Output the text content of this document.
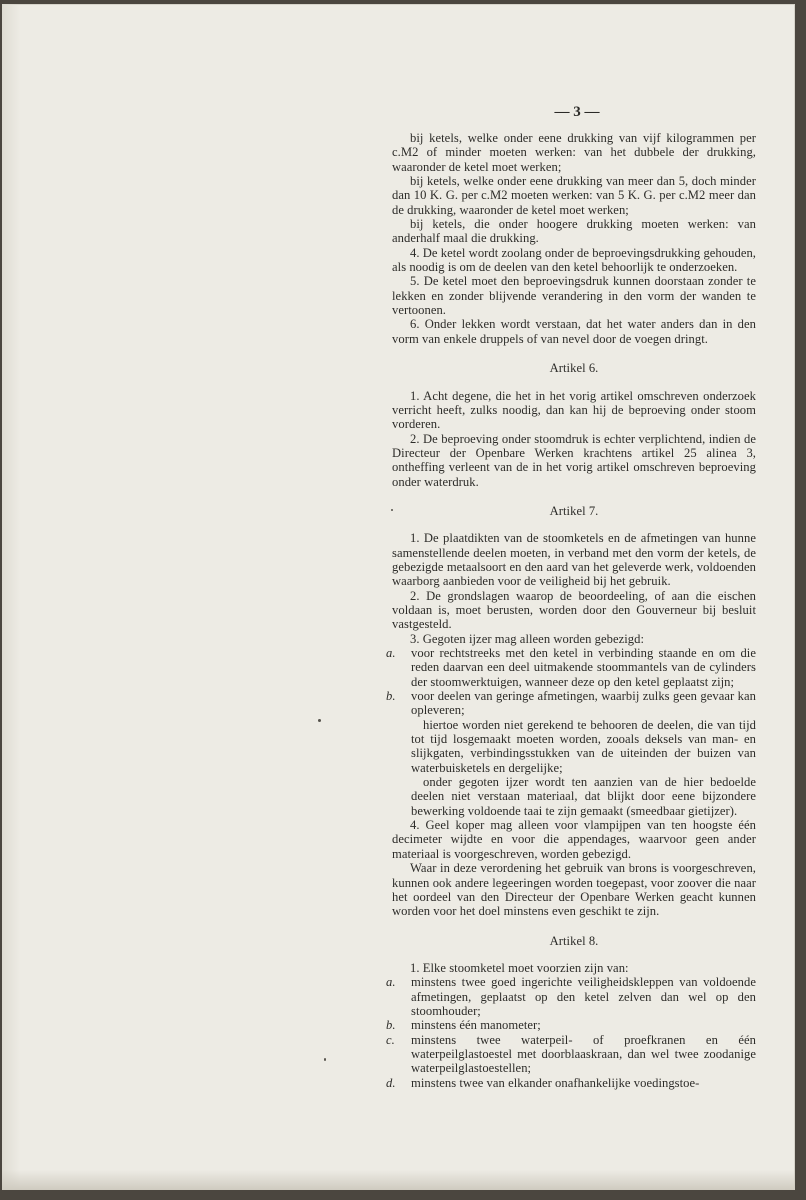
— 3 —

bij ketels, welke onder eene drukking van vijf kilogrammen per c.M2 of minder moeten werken: van het dubbele der drukking, waaronder de ketel moet werken;

bij ketels, welke onder eene drukking van meer dan 5, doch minder dan 10 K. G. per c.M2 moeten werken: van 5 K. G. per c.M2 meer dan de drukking, waaronder de ketel moet werken;

bij ketels, die onder hoogere drukking moeten werken: van anderhalf maal die drukking.

4. De ketel wordt zoolang onder de beproevingsdrukking gehouden, als noodig is om de deelen van den ketel behoorlijk te onderzoeken.

5. De ketel moet den beproevingsdruk kunnen doorstaan zonder te lekken en zonder blijvende verandering in den vorm der wanden te vertoonen.

6. Onder lekken wordt verstaan, dat het water anders dan in den vorm van enkele druppels of van nevel door de voegen dringt.

Artikel 6.

1. Acht degene, die het in het vorig artikel omschreven onderzoek verricht heeft, zulks noodig, dan kan hij de beproeving onder stoom vorderen.

2. De beproeving onder stoomdruk is echter verplichtend, indien de Directeur der Openbare Werken krachtens artikel 25 alinea 3, ontheffing verleent van de in het vorig artikel omschreven beproeving onder waterdruk.

Artikel 7.

1. De plaatdikten van de stoomketels en de afmetingen van hunne samenstellende deelen moeten, in verband met den vorm der ketels, de gebezigde metaalsoort en den aard van het geleverde werk, voldoenden waarborg aanbieden voor de veiligheid bij het gebruik.

2. De grondslagen waarop de beoordeeling, of aan die eischen voldaan is, moet berusten, worden door den Gouverneur bij besluit vastgesteld.

3. Gegoten ijzer mag alleen worden gebezigd:

a. voor rechtstreeks met den ketel in verbinding staande en om die reden daarvan een deel uitmakende stoommantels van de cylinders der stoomwerktuigen, wanneer deze op den ketel geplaatst zijn;
b. voor deelen van geringe afmetingen, waarbij zulks geen gevaar kan opleveren;

hiertoe worden niet gerekend te behooren de deelen, die van tijd tot tijd losgemaakt moeten worden, zooals deksels van man- en slijkgaten, verbindingsstukken van de uiteinden der buizen van waterbuisketels en dergelijke;

onder gegoten ijzer wordt ten aanzien van de hier bedoelde deelen niet verstaan materiaal, dat blijkt door eene bijzondere bewerking voldoende taai te zijn gemaakt (smeedbaar gietijzer).

4. Geel koper mag alleen voor vlampijpen van ten hoogste één decimeter wijdte en voor die appendages, waarvoor geen ander materiaal is voorgeschreven, worden gebezigd.

Waar in deze verordening het gebruik van brons is voorgeschreven, kunnen ook andere legeeringen worden toegepast, voor zoover die naar het oordeel van den Directeur der Openbare Werken geacht kunnen worden voor het doel minstens even geschikt te zijn.

Artikel 8.

1. Elke stoomketel moet voorzien zijn van:

a. minstens twee goed ingerichte veiligheidskleppen van voldoende afmetingen, geplaatst op den ketel zelven dan wel op den stoomhouder;
b. minstens één manometer;
c. minstens twee waterpeil- of proefkranen en één waterpeilglastoestel met doorblaaskraan, dan wel twee zoodanige waterpeilglastoestellen;
d. minstens twee van elkander onafhankelijke voedingstoe-
